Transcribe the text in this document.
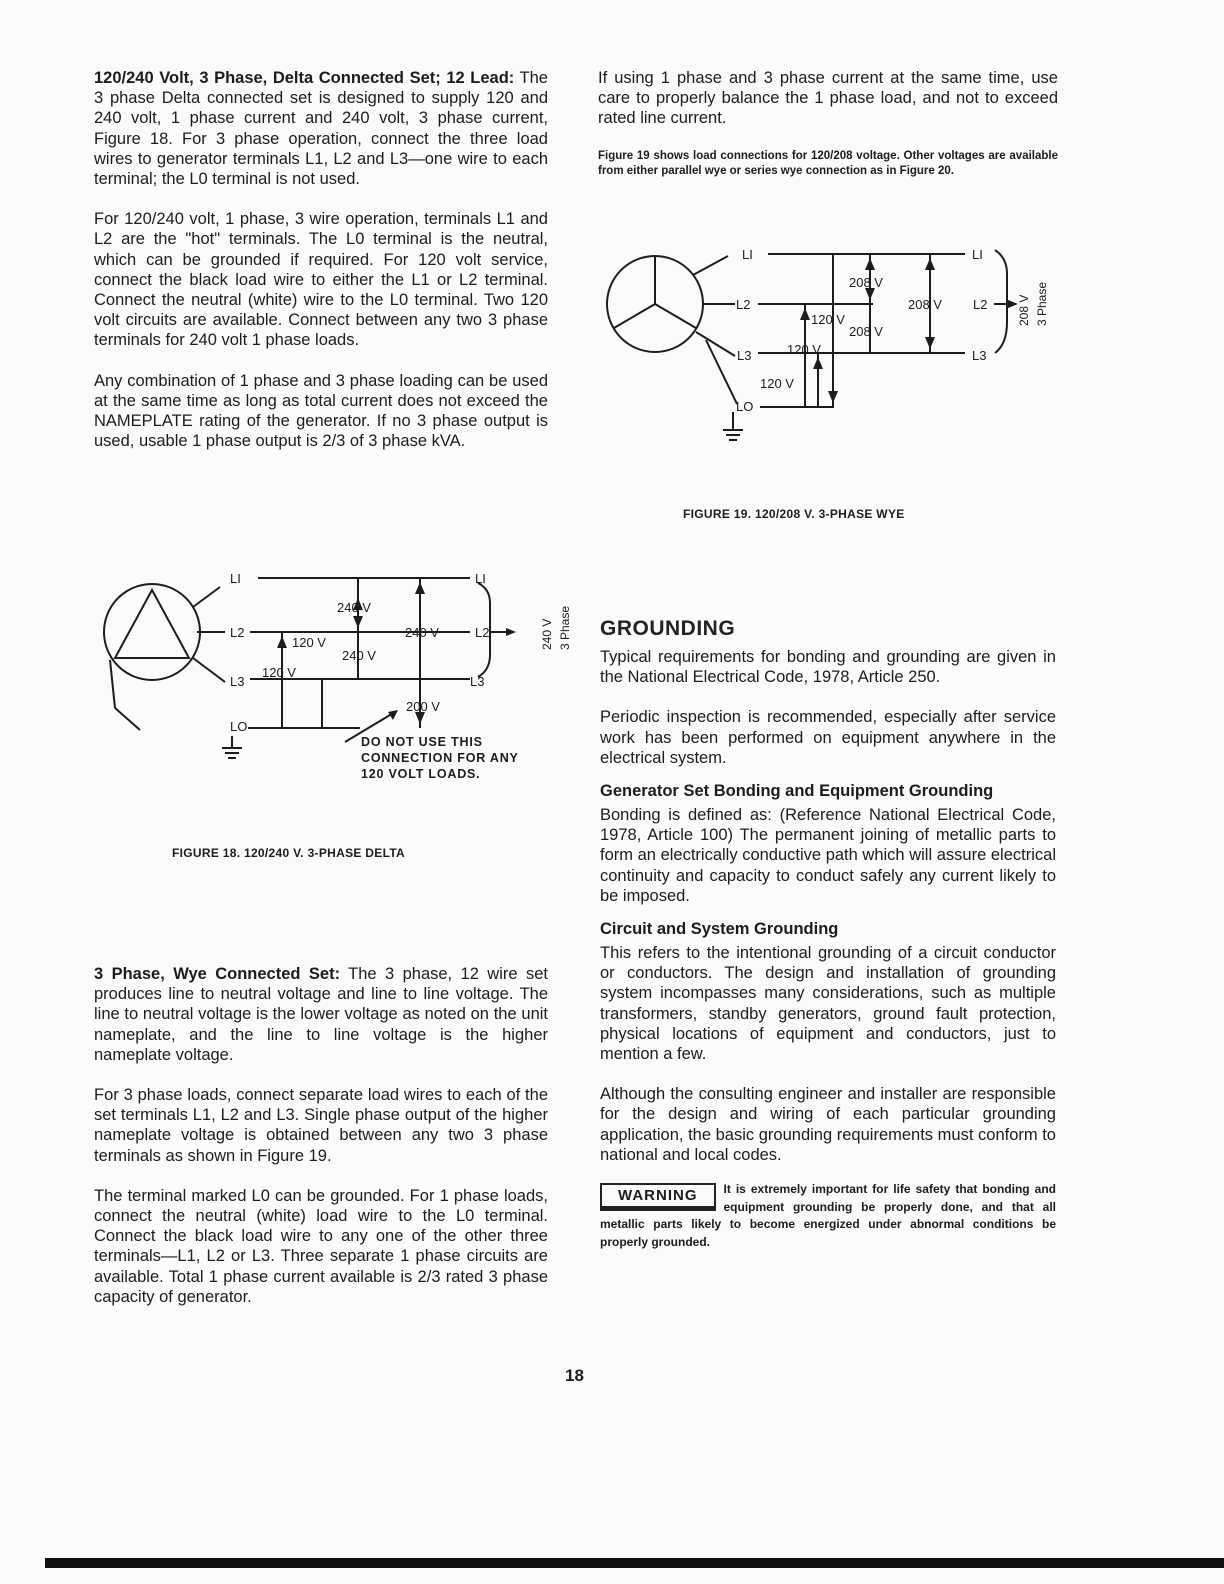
120/240 Volt, 3 Phase, Delta Connected Set; 12 Lead: The 3 phase Delta connected set is designed to supply 120 and 240 volt, 1 phase current and 240 volt, 3 phase current, Figure 18. For 3 phase operation, connect the three load wires to generator terminals L1, L2 and L3—one wire to each terminal; the L0 terminal is not used.

For 120/240 volt, 1 phase, 3 wire operation, terminals L1 and L2 are the "hot" terminals. The L0 terminal is the neutral, which can be grounded if required. For 120 volt service, connect the black load wire to either the L1 or L2 terminal. Connect the neutral (white) wire to the L0 terminal. Two 120 volt circuits are available. Connect between any two 3 phase terminals for 240 volt 1 phase loads.

Any combination of 1 phase and 3 phase loading can be used at the same time as long as total current does not exceed the NAMEPLATE rating of the generator. If no 3 phase output is used, usable 1 phase output is 2/3 of 3 phase kVA.

LI
L2
L3
LO
LI
L2
L3
240 V
240 V
240 V
120 V
120 V
200 V
240 V 3 Phase
DO NOT USE THIS
CONNECTION FOR ANY
120 VOLT LOADS.
FIGURE 18. 120/240 V. 3-PHASE DELTA

3 Phase, Wye Connected Set: The 3 phase, 12 wire set produces line to neutral voltage and line to line voltage. The line to neutral voltage is the lower voltage as noted on the unit nameplate, and the line to line voltage is the higher nameplate voltage.

For 3 phase loads, connect separate load wires to each of the set terminals L1, L2 and L3. Single phase output of the higher nameplate voltage is obtained between any two 3 phase terminals as shown in Figure 19.

The terminal marked L0 can be grounded. For 1 phase loads, connect the neutral (white) load wire to the L0 terminal. Connect the black load wire to any one of the other three terminals—L1, L2 or L3. Three separate 1 phase circuits are available. Total 1 phase current available is 2/3 rated 3 phase capacity of generator.

If using 1 phase and 3 phase current at the same time, use care to properly balance the 1 phase load, and not to exceed rated line current.

Figure 19 shows load connections for 120/208 voltage. Other voltages are available from either parallel wye or series wye connection as in Figure 20.

LI
L2
L3
LO
LI
L2
L3
208 V
208 V
208 V
120 V
120 V
120 V
208 V 3 Phase
FIGURE 19. 120/208 V. 3-PHASE WYE
GROUNDING

Typical requirements for bonding and grounding are given in the National Electrical Code, 1978, Article 250.

Periodic inspection is recommended, especially after service work has been performed on equipment anywhere in the electrical system.

Generator Set Bonding and Equipment Grounding

Bonding is defined as: (Reference National Electrical Code, 1978, Article 100) The permanent joining of metallic parts to form an electrically conductive path which will assure electrical continuity and capacity to conduct safely any current likely to be imposed.

Circuit and System Grounding

This refers to the intentional grounding of a circuit conductor or conductors. The design and installation of grounding system incompasses many considerations, such as multiple transformers, standby generators, ground fault protection, physical locations of equipment and conductors, just to mention a few.

Although the consulting engineer and installer are responsible for the design and wiring of each particular grounding application, the basic grounding requirements must conform to national and local codes.

WARNING	It is extremely important for life safety that bonding and equipment grounding be properly done, and that all metallic parts likely to become energized under abnormal conditions be properly grounded.
18
